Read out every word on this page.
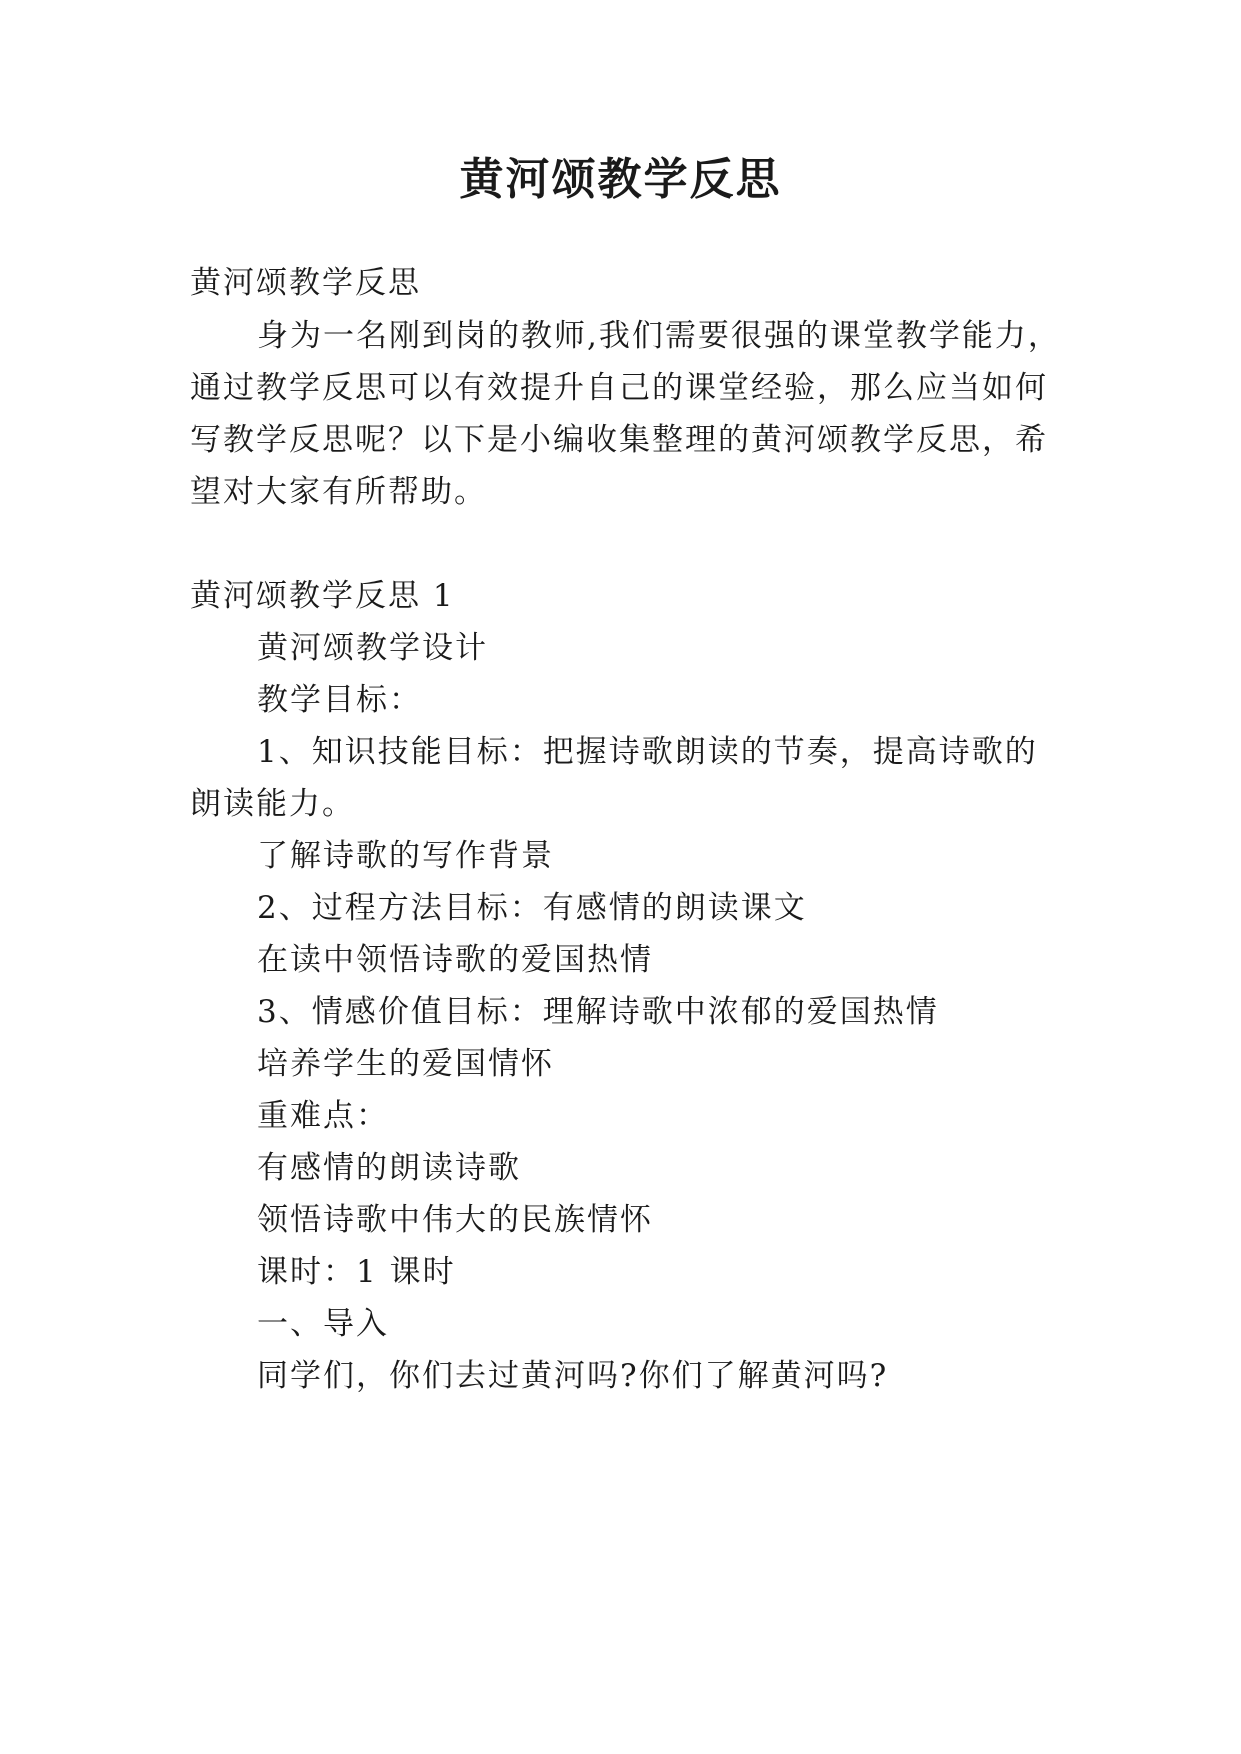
黄河颂教学反思

黄河颂教学反思

身为一名刚到岗的教师,我们需要很强的课堂教学能力，

通过教学反思可以有效提升自己的课堂经验，那么应当如何

写教学反思呢？以下是小编收集整理的黄河颂教学反思，希

望对大家有所帮助。

黄河颂教学反思 1

黄河颂教学设计

教学目标：

1、知识技能目标：把握诗歌朗读的节奏，提高诗歌的

朗读能力。

了解诗歌的写作背景

2、过程方法目标：有感情的朗读课文

在读中领悟诗歌的爱国热情

3、情感价值目标：理解诗歌中浓郁的爱国热情

培养学生的爱国情怀

重难点：

有感情的朗读诗歌

领悟诗歌中伟大的民族情怀

课时：1 课时

一、导入

同学们，你们去过黄河吗?你们了解黄河吗?
